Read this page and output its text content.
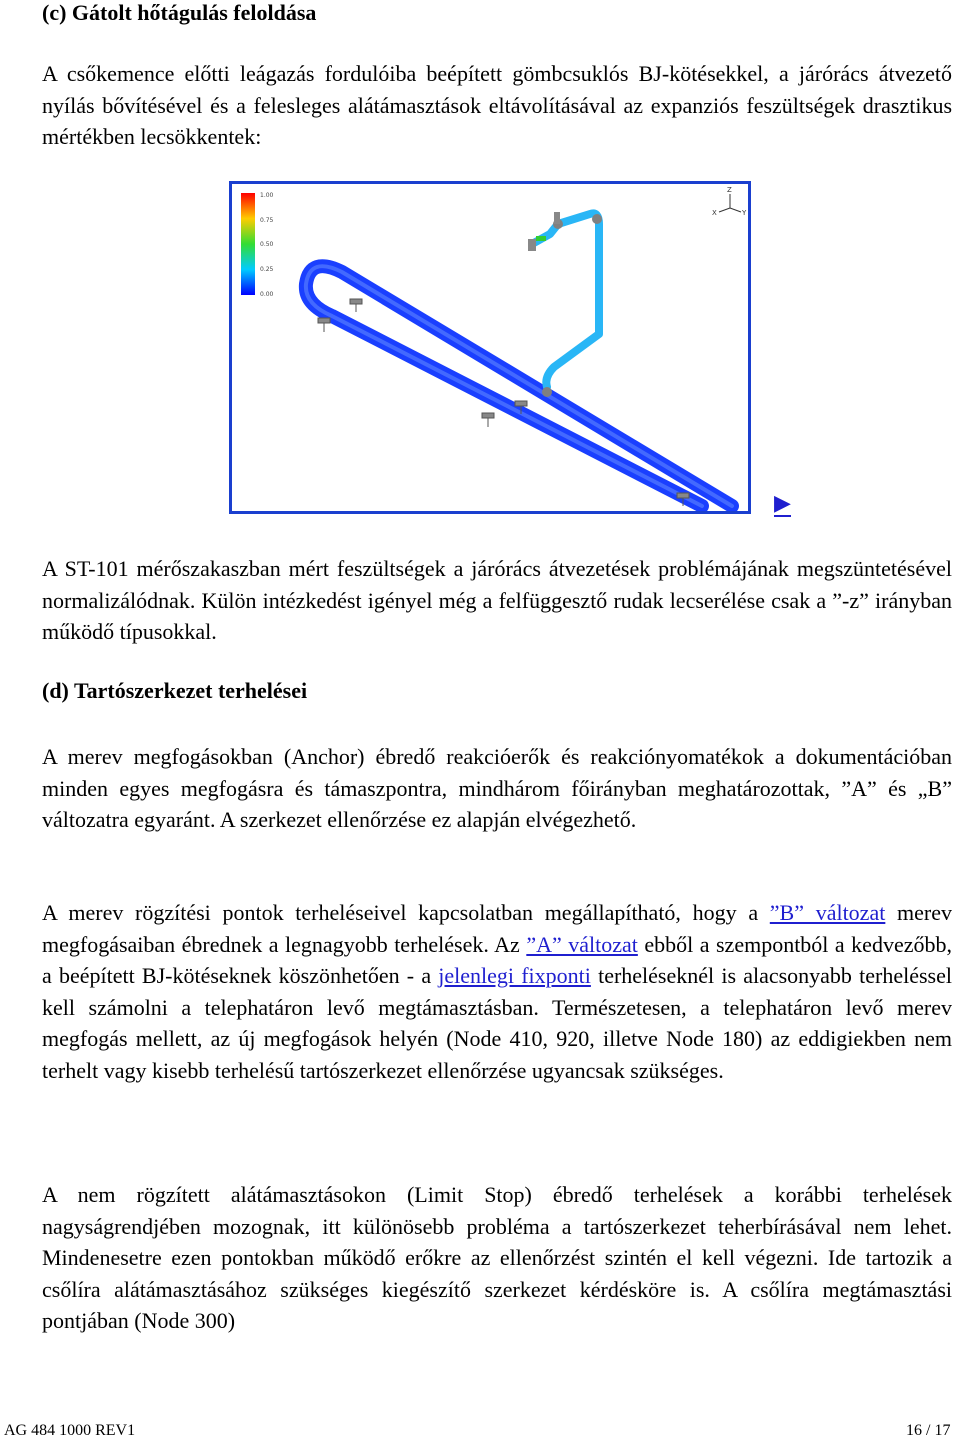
(c) Gátolt hőtágulás feloldása

A csőkemence előtti leágazás fordulóiba beépített gömbcsuklós BJ-kötésekkel, a járórács átvezető nyílás bővítésével és a felesleges alátámasztások eltávolításával az expanziós feszültségek drasztikus mértékben lecsökkentek:

1.00
0.75
0.50
0.25
0.00
Z
X	Y
▶

A ST-101 mérőszakaszban mért feszültségek a járórács átvezetések problémájának megszüntetésével normalizálódnak. Külön intézkedést igényel még a felfüggesztő rudak lecserélése csak a ”-z” irányban működő típusokkal.

(d) Tartószerkezet terhelései

A merev megfogásokban (Anchor) ébredő reakcióerők és reakciónyomatékok a dokumentációban minden egyes megfogásra és támaszpontra, mindhárom főirányban meghatározottak, ”A” és „B” változatra egyaránt. A szerkezet ellenőrzése ez alapján elvégezhető.

A merev rögzítési pontok terheléseivel kapcsolatban megállapítható, hogy a ”B” változat merev megfogásaiban ébrednek a legnagyobb terhelések. Az ”A” változat ebből a szempontból a kedvezőbb, a beépített BJ-kötéseknek köszönhetően - a jelenlegi fixponti terheléseknél is alacsonyabb terheléssel kell számolni a telephatáron levő megtámasztásban. Természetesen, a telephatáron levő merev megfogás mellett, az új megfogások helyén (Node 410, 920, illetve Node 180) az eddigiekben nem terhelt vagy kisebb terhelésű tartószerkezet ellenőrzése ugyancsak szükséges.

A nem rögzített alátámasztásokon (Limit Stop) ébredő terhelések a korábbi terhelések nagyságrendjében mozognak, itt különösebb probléma a tartószerkezet teherbírásával nem lehet. Mindenesetre ezen pontokban működő erőkre az ellenőrzést szintén el kell végezni. Ide tartozik a csőlíra alátámasztásához szükséges kiegészítő szerkezet kérdésköre is. A csőlíra megtámasztási pontjában (Node 300)

AG 484 1000 REV1	16 / 17
